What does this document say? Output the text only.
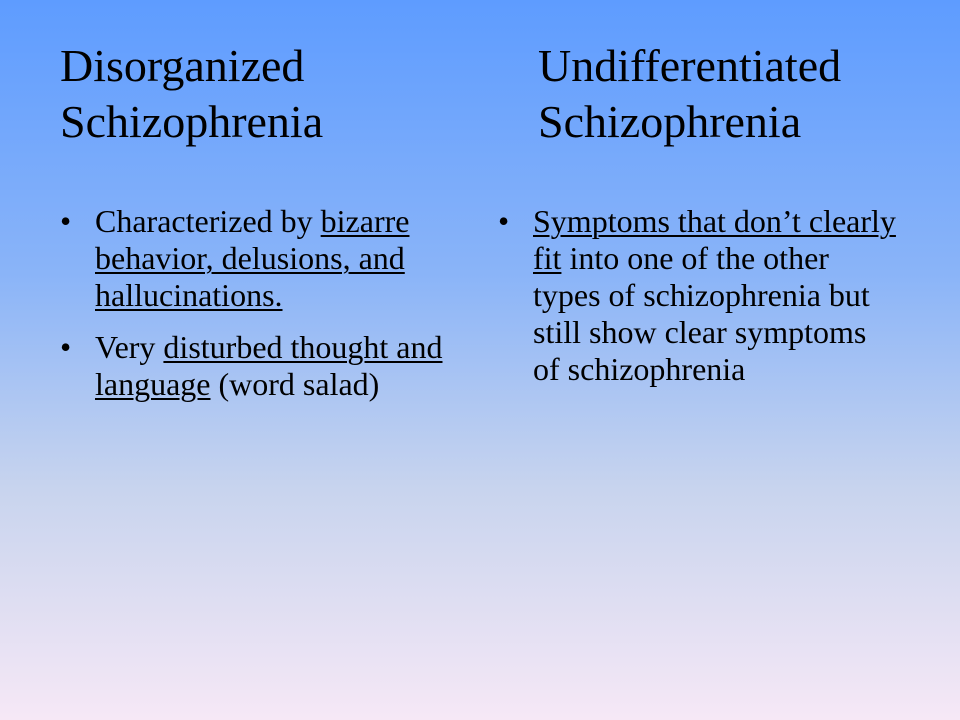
Disorganized
Schizophrenia
• Characterized by bizarre behavior, delusions, and hallucinations.
• Very disturbed thought and language (word salad)
Undifferentiated
Schizophrenia
• Symptoms that don’t clearly fit into one of the other types of schizophrenia but still show clear symptoms of schizophrenia
